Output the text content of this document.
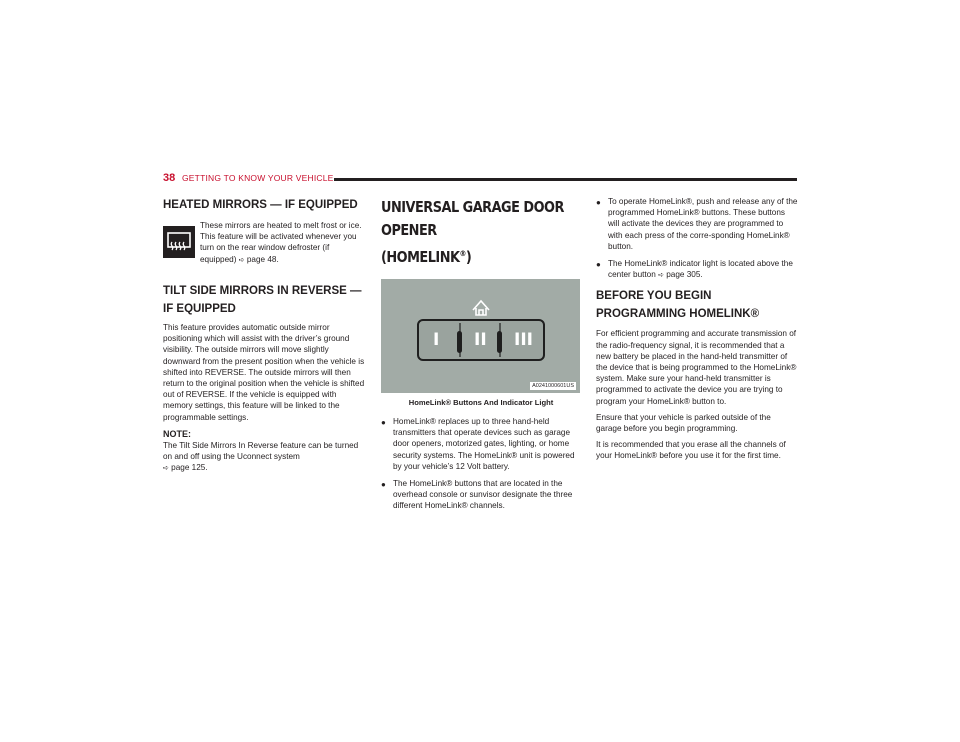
38 GETTING TO KNOW YOUR VEHICLE
HEATED MIRRORS — IF EQUIPPED

These mirrors are heated to melt frost or ice. This feature will be activated whenever you turn on the rear window defroster (if equipped) ➪ page 48.

TILT SIDE MIRRORS IN REVERSE — IF EQUIPPED

This feature provides automatic outside mirror positioning which will assist with the driver’s ground visibility. The outside mirrors will move slightly downward from the present position when the vehicle is shifted into REVERSE. The outside mirrors will then return to the original position when the vehicle is shifted out of REVERSE. If the vehicle is equipped with memory settings, this feature will be linked to the programmable settings.

NOTE:

The Tilt Side Mirrors In Reverse feature can be turned on and off using the Uconnect system
➪ page 125.

UNIVERSAL GARAGE DOOR OPENER
(HOMELINK®)
I II III
A0241000601US
HomeLink® Buttons And Indicator Light
● HomeLink® replaces up to three hand-held transmitters that operate devices such as garage door openers, motorized gates, lighting, or home security systems. The HomeLink® unit is powered by your vehicle’s 12 Volt battery.
● The HomeLink® buttons that are located in the overhead console or sunvisor designate the three different HomeLink® channels.
● To operate HomeLink®, push and release any of the programmed HomeLink® buttons. These buttons will activate the devices they are programmed to with each press of the corre-sponding HomeLink® button.
● The HomeLink® indicator light is located above the center button ➪ page 305.
BEFORE YOU BEGIN PROGRAMMING HOMELINK®

For efficient programming and accurate transmission of the radio-frequency signal, it is recommended that a new battery be placed in the hand-held transmitter of the device that is being programmed to the HomeLink® system. Make sure your hand-held transmitter is programmed to activate the device you are trying to program your HomeLink® button to.

Ensure that your vehicle is parked outside of the garage before you begin programming.

It is recommended that you erase all the channels of your HomeLink® before you use it for the first time.
